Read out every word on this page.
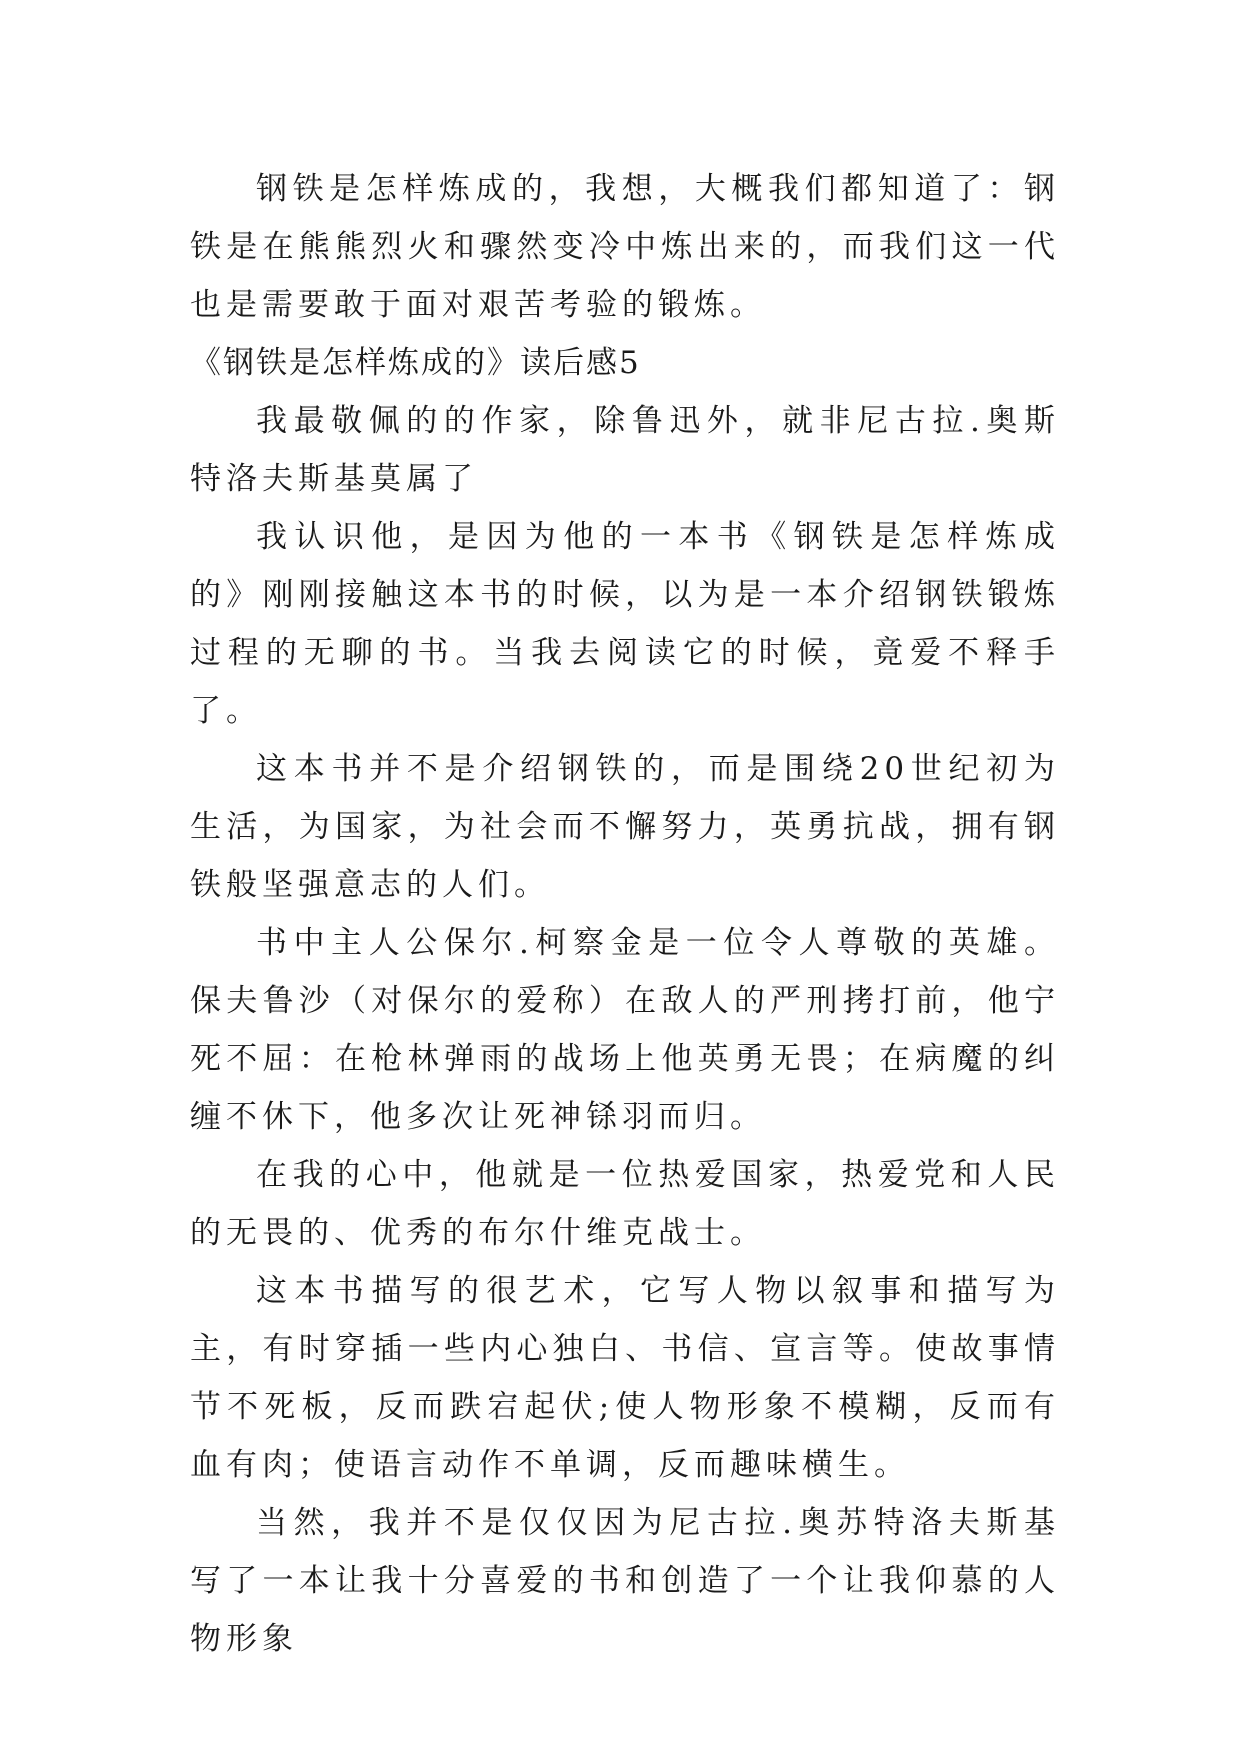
钢铁是怎样炼成的，我想，大概我们都知道了：钢铁是在熊熊烈火和骤然变冷中炼出来的，而我们这一代也是需要敢于面对艰苦考验的锻炼。

《钢铁是怎样炼成的》读后感5

我最敬佩的的作家，除鲁迅外，就非尼古拉.奥斯特洛夫斯基莫属了

我认识他，是因为他的一本书《钢铁是怎样炼成的》刚刚接触这本书的时候，以为是一本介绍钢铁锻炼过程的无聊的书。当我去阅读它的时候，竟爱不释手了。

这本书并不是介绍钢铁的，而是围绕20世纪初为生活，为国家，为社会而不懈努力，英勇抗战，拥有钢铁般坚强意志的人们。

书中主人公保尔.柯察金是一位令人尊敬的英雄。保夫鲁沙（对保尔的爱称）在敌人的严刑拷打前，他宁死不屈：在枪林弹雨的战场上他英勇无畏；在病魔的纠缠不休下，他多次让死神铩羽而归。

在我的心中，他就是一位热爱国家，热爱党和人民的无畏的、优秀的布尔什维克战士。

这本书描写的很艺术，它写人物以叙事和描写为主，有时穿插一些内心独白、书信、宣言等。使故事情节不死板，反而跌宕起伏;使人物形象不模糊，反而有血有肉；使语言动作不单调，反而趣味横生。

当然，我并不是仅仅因为尼古拉.奥苏特洛夫斯基写了一本让我十分喜爱的书和创造了一个让我仰慕的人物形象
